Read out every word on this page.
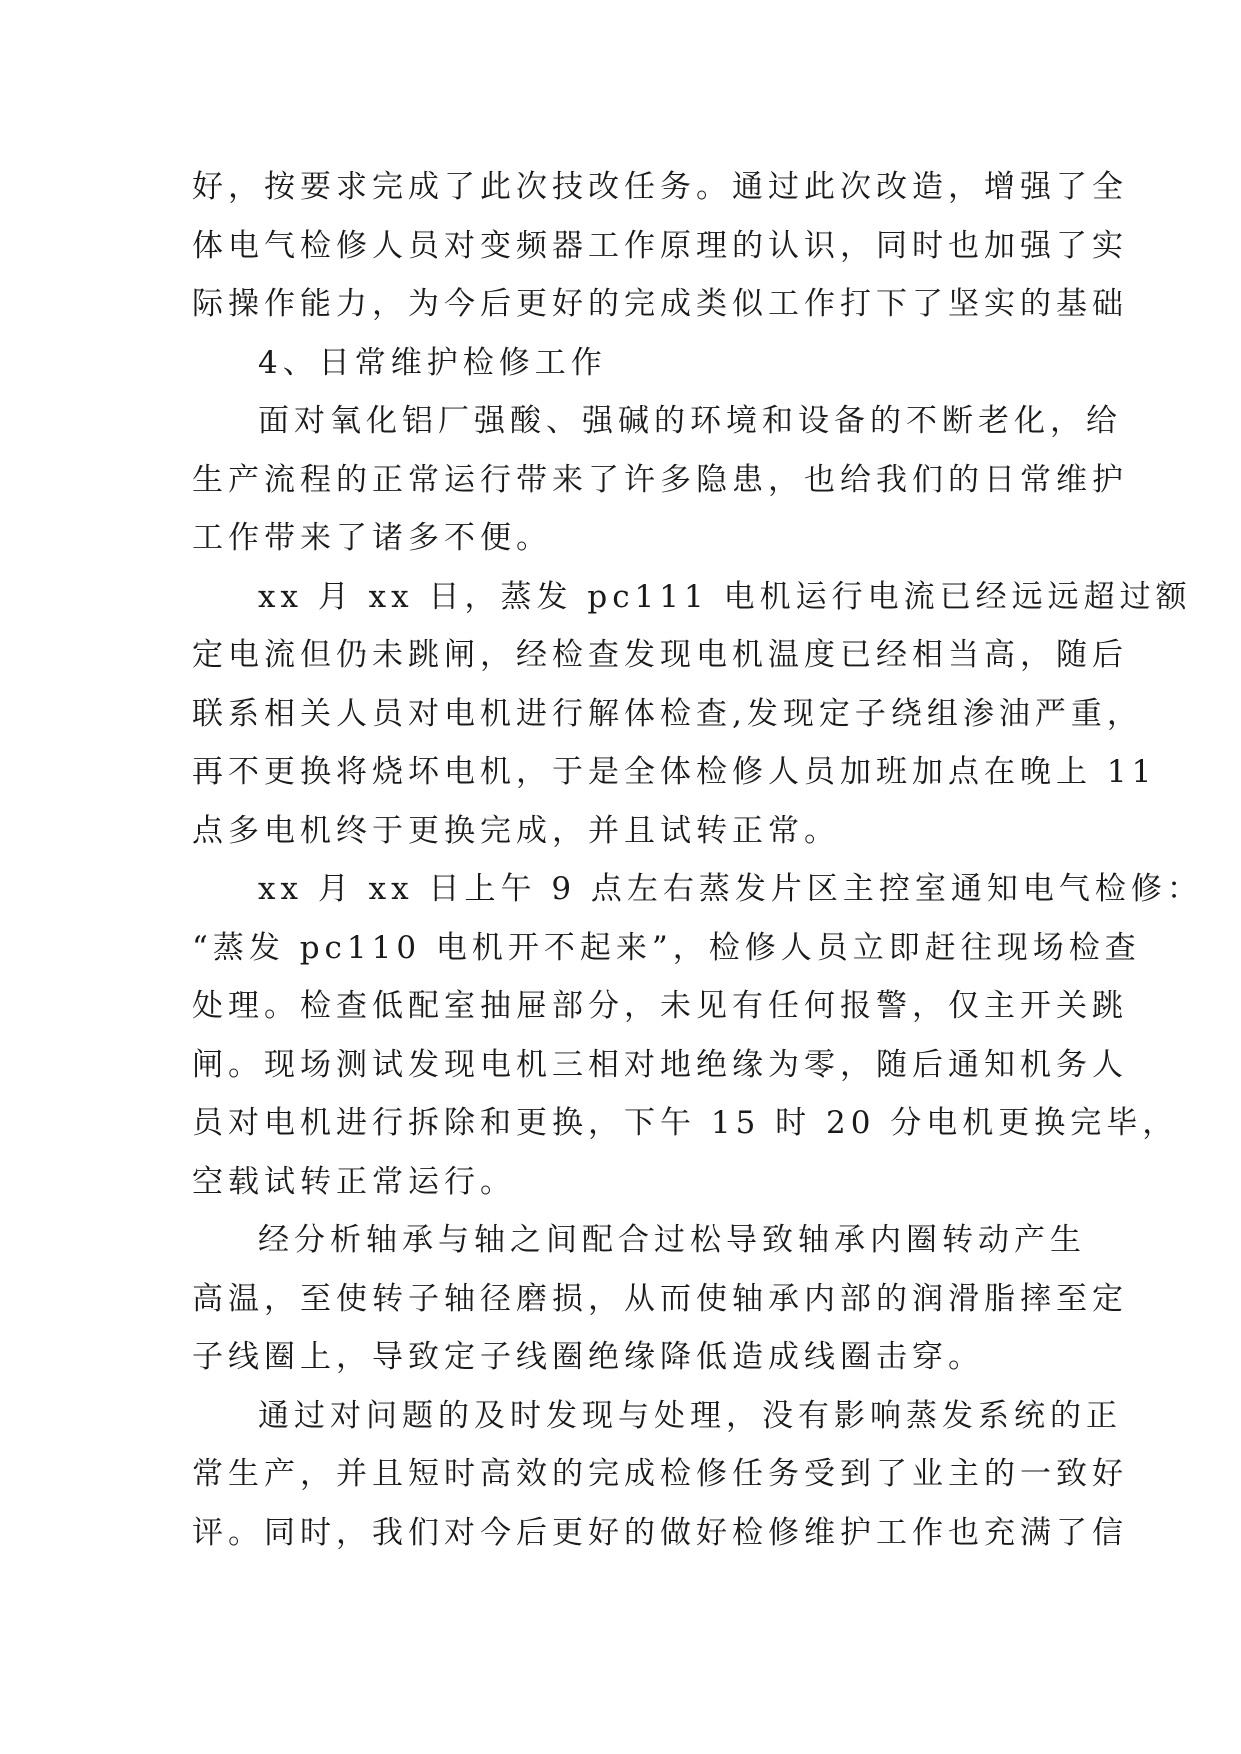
好，按要求完成了此次技改任务。通过此次改造，增强了全
体电气检修人员对变频器工作原理的认识，同时也加强了实
际操作能力，为今后更好的完成类似工作打下了坚实的基础
4、日常维护检修工作
面对氧化铝厂强酸、强碱的环境和设备的不断老化，给
生产流程的正常运行带来了许多隐患，也给我们的日常维护
工作带来了诸多不便。
xx 月 xx 日，蒸发 pc111 电机运行电流已经远远超过额
定电流但仍未跳闸，经检查发现电机温度已经相当高，随后
联系相关人员对电机进行解体检查,发现定子绕组渗油严重，
再不更换将烧坏电机，于是全体检修人员加班加点在晚上 11
点多电机终于更换完成，并且试转正常。
xx 月 xx 日上午 9 点左右蒸发片区主控室通知电气检修：
“蒸发 pc110 电机开不起来”，检修人员立即赶往现场检查
处理。检查低配室抽屉部分，未见有任何报警，仅主开关跳
闸。现场测试发现电机三相对地绝缘为零，随后通知机务人
员对电机进行拆除和更换，下午 15 时 20 分电机更换完毕，
空载试转正常运行。
经分析轴承与轴之间配合过松导致轴承内圈转动产生
高温，至使转子轴径磨损，从而使轴承内部的润滑脂摔至定
子线圈上，导致定子线圈绝缘降低造成线圈击穿。
通过对问题的及时发现与处理，没有影响蒸发系统的正
常生产，并且短时高效的完成检修任务受到了业主的一致好
评。同时，我们对今后更好的做好检修维护工作也充满了信
